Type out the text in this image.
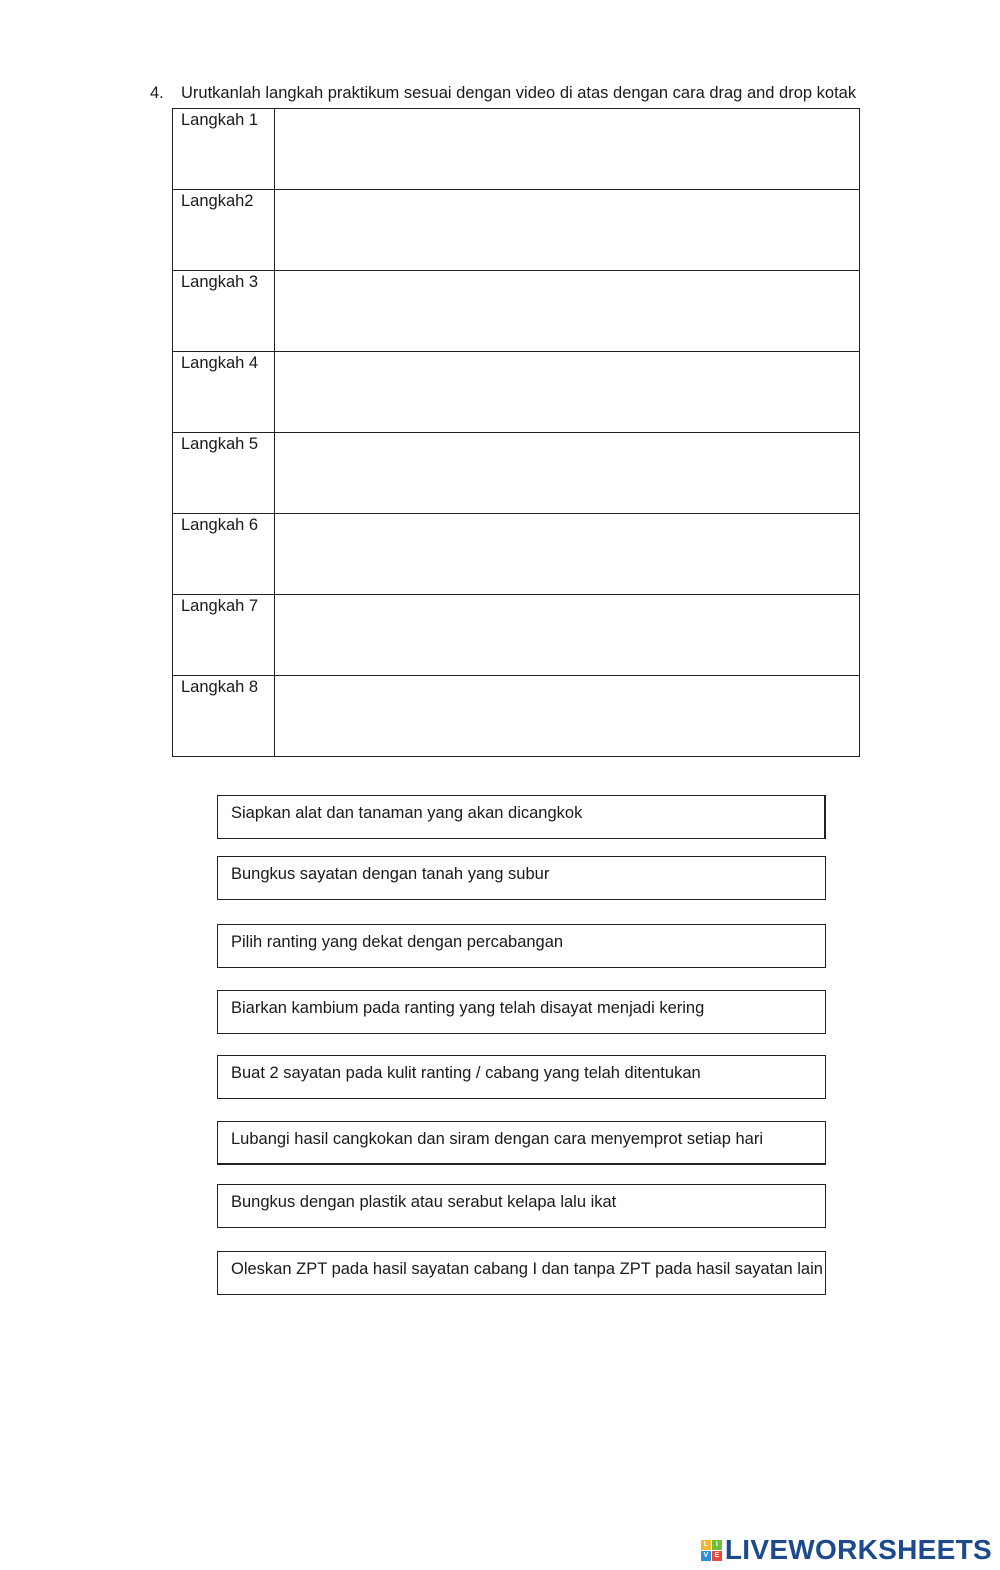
4. Urutkanlah langkah praktikum sesuai dengan video di atas dengan cara drag and drop kotak
Langkah 1	
Langkah2	
Langkah 3	
Langkah 4	
Langkah 5	
Langkah 6	
Langkah 7	
Langkah 8	
Siapkan alat dan tanaman yang akan dicangkok
Bungkus sayatan dengan tanah yang subur
Pilih ranting yang dekat dengan percabangan
Biarkan kambium pada ranting yang telah disayat menjadi kering
Buat 2 sayatan pada kulit ranting / cabang yang telah ditentukan
Lubangi hasil cangkokan dan siram dengan cara menyemprot setiap hari
Bungkus dengan plastik atau serabut kelapa lalu ikat
Oleskan ZPT pada hasil sayatan cabang I dan tanpa ZPT pada hasil sayatan lain
L	I
V E LIVEWORKSHEETS
